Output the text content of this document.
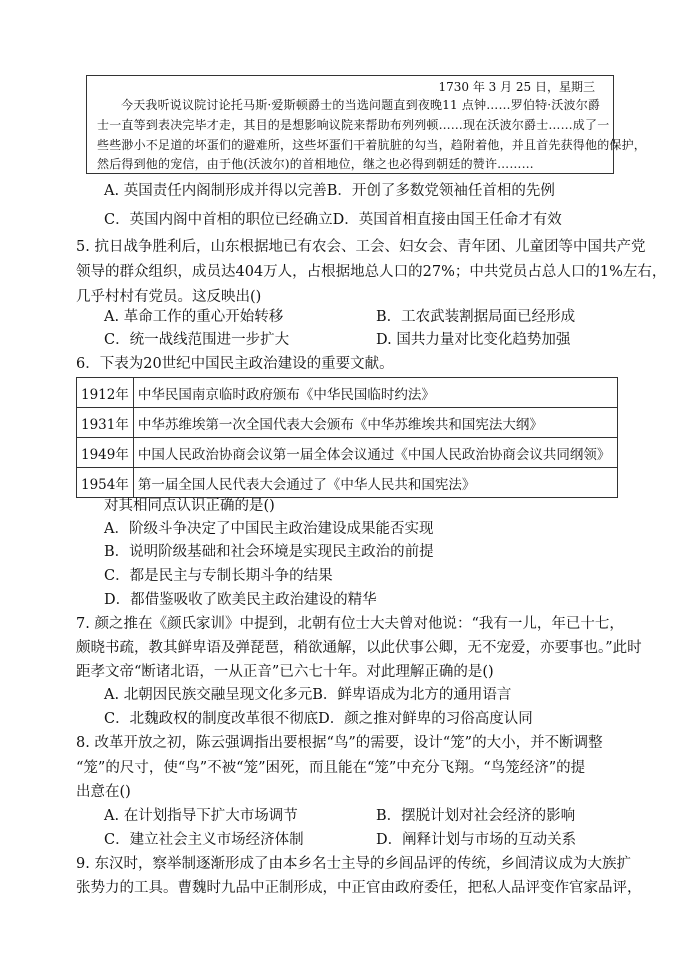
1730 年 3 月 25 日，星期三
今天我听说议院讨论托马斯·爱斯顿爵士的当选问题直到夜晚11 点钟……罗伯特·沃波尔爵
士一直等到表决完毕才走，其目的是想影响议院来帮助布列列顿……现在沃波尔爵士……成了一
些些渺小不足道的坏蛋们的避难所，这些坏蛋们干着肮脏的勾当，趋附着他，并且首先获得他的保护，
然后得到他的宠信，由于他(沃波尔)的首相地位，继之也必得到朝廷的赞许………
A. 英国责任内阁制形成并得以完善B．开创了多数党领袖任首相的先例
C．英国内阁中首相的职位已经确立D．英国首相直接由国王任命才有效
5. 抗日战争胜利后，山东根据地已有农会、工会、妇女会、青年团、儿童团等中国共产党
领导的群众组织，成员达404万人，占根据地总人口的27%；中共党员占总人口的1%左右，
几乎村村有党员。这反映出()
A. 革命工作的重心开始转移	B．工农武装割据局面已经形成
C．统一战线范围进一步扩大	D. 国共力量对比变化趋势加强
6．下表为20世纪中国民主政治建设的重要文献。
1912年	中华民国南京临时政府颁布《中华民国临时约法》
1931年	中华苏维埃第一次全国代表大会颁布《中华苏维埃共和国宪法大纲》
1949年	中国人民政治协商会议第一届全体会议通过《中国人民政治协商会议共同纲领》
1954年	第一届全国人民代表大会通过了《中华人民共和国宪法》
对其相同点认识正确的是()
A．阶级斗争决定了中国民主政治建设成果能否实现
B．说明阶级基础和社会环境是实现民主政治的前提
C．都是民主与专制长期斗争的结果
D．都借鉴吸收了欧美民主政治建设的精华
7. 颜之推在《颜氏家训》中提到，北朝有位士大夫曾对他说：“我有一儿，年已十七，
颇晓书疏，教其鲜卑语及弹琵琶，稍欲通解，以此伏事公卿，无不宠爱，亦要事也。”此时
距孝文帝“断诸北语，一从正音”已六七十年。对此理解正确的是()
A. 北朝因民族交融呈现文化多元B．鲜卑语成为北方的通用语言
C．北魏政权的制度改革很不彻底D．颜之推对鲜卑的习俗高度认同
8. 改革开放之初，陈云强调指出要根据“鸟”的需要，设计“笼”的大小，并不断调整
“笼”的尺寸，使“鸟”不被“笼”困死，而且能在“笼”中充分飞翔。“鸟笼经济”的提
出意在()
A. 在计划指导下扩大市场调节	B．摆脱计划对社会经济的影响
C．建立社会主义市场经济体制	D．阐释计划与市场的互动关系
9. 东汉时，察举制逐渐形成了由本乡名士主导的乡闾品评的传统，乡闾清议成为大族扩
张势力的工具。曹魏时九品中正制形成，中正官由政府委任，把私人品评变作官家品评，
